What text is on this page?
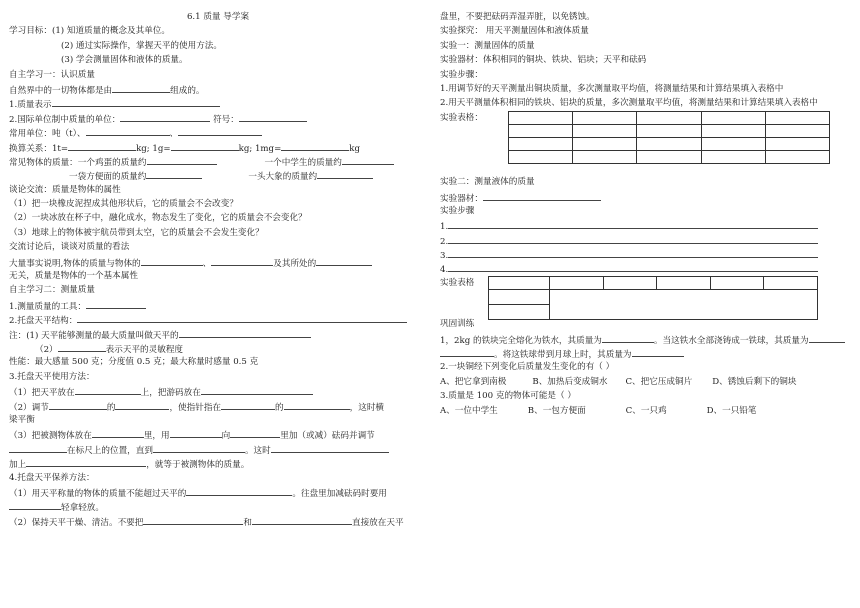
6.1 质量 导学案
学习目标：(1) 知道质量的概念及其单位。
(2) 通过实际操作，掌握天平的使用方法。
(3) 学会测量固体和液体的质量。
自主学习一：认识质量
自然界中的一切物体都是由	组成的。
1.质量表示
2.国际单位制中质量的单位：	符号：
常用单位：吨（t）、	、
换算关系：1t=	kg; 1g=	kg; 1mg=	kg
常见物体的质量：一个鸡蛋的质量约	一个中学生的质量约
一袋方便面的质量约	一头大象的质量约
谈论交流：质量是物体的属性
（1）把一块橡皮泥捏成其他形状后，它的质量会不会改变？
（2）一块冰放在杯子中，融化成水，物态发生了变化，它的质量会不会变化？
（3）地球上的物体被宇航员带到太空，它的质量会不会发生变化？
交流讨论后，谈谈对质量的看法
大量事实说明,物体的质量与物体的	、	及其所处的
无关，质量是物体的一个基本属性
自主学习二：测量质量
1.测量质量的工具：
2.托盘天平结构：
注：(1) 天平能够测量的最大质量叫做天平的
（2）	表示天平的灵敏程度
性能：最大感量 500 克；分度值 0.5 克；最大称量时感量 0.5 克
3.托盘天平使用方法：
（1）把天平放在	上，把游码放在
（2）调节	的	，使指针指在	的	，这时横
梁平衡
（3）把被测物体放在	里，用	向	里加（或减）砝码并调节
在标尺上的位置，直到	。这时
加上	，就等于被测物体的质量。
4.托盘天平保养方法：
（1）用天平称量的物体的质量不能超过天平的	。往盘里加减砝码时要用
轻拿轻放。
（2）保持天平干燥、清洁。不要把	和	直接放在天平
盘里，不要把砝码弄湿弄脏，以免锈蚀。
实验探究： 用天平测量固体和液体质量
实验一：测量固体的质量
实验器材：体积相同的铜块、铁块、铝块；天平和砝码
实验步骤：
1.用调节好的天平测量出铜块质量，多次测量取平均值，将测量结果和计算结果填入表格中
2.用天平测量体积相同的铁块、铝块的质量，多次测量取平均值，将测量结果和计算结果填入表格中
实验表格：

实验二：测量液体的质量
实验器材：
实验步骤
1.
2.
3.
4.
实验表格

巩固训练
1，2kg 的铁块完全熔化为铁水，其质量为	。当这铁水全部浇铸成一铁球，其质量为
。将这铁球带到月球上时，其质量为
2.一块铜经下列变化后质量发生变化的有（ ）
A、把它拿到南极	B、加热后变成铜水 C、把它压成铜片 D、锈蚀后剩下的铜块
3.质量是 100 克的物体可能是（ ）
A、一位中学生	B、一包方便面	C、一只鸡	D、一只铅笔
